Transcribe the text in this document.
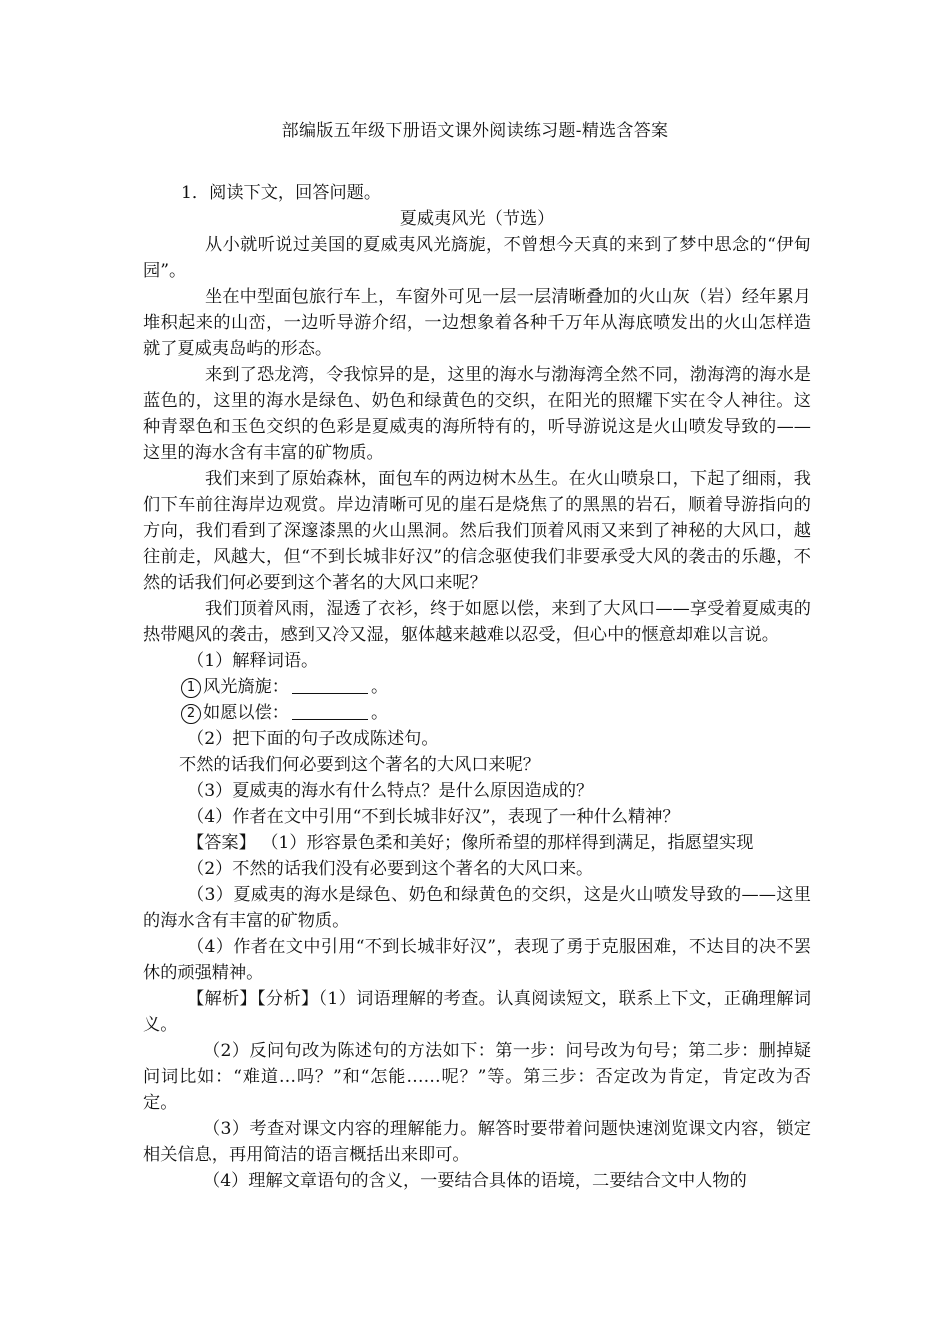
部编版五年级下册语文课外阅读练习题-精选含答案

1．阅读下文，回答问题。

夏威夷风光（节选）

从小就听说过美国的夏威夷风光旖旎，不曾想今天真的来到了梦中思念的“伊甸园”。

坐在中型面包旅行车上，车窗外可见一层一层清晰叠加的火山灰（岩）经年累月堆积起来的山峦，一边听导游介绍，一边想象着各种千万年从海底喷发出的火山怎样造就了夏威夷岛屿的形态。

来到了恐龙湾，令我惊异的是，这里的海水与渤海湾全然不同，渤海湾的海水是蓝色的，这里的海水是绿色、奶色和绿黄色的交织，在阳光的照耀下实在令人神往。这种青翠色和玉色交织的色彩是夏威夷的海所特有的，听导游说这是火山喷发导致的——这里的海水含有丰富的矿物质。

我们来到了原始森林，面包车的两边树木丛生。在火山喷泉口，下起了细雨，我们下车前往海岸边观赏。岸边清晰可见的崖石是烧焦了的黑黑的岩石，顺着导游指向的方向，我们看到了深邃漆黑的火山黑洞。然后我们顶着风雨又来到了神秘的大风口，越往前走，风越大，但“不到长城非好汉”的信念驱使我们非要承受大风的袭击的乐趣，不然的话我们何必要到这个著名的大风口来呢？

我们顶着风雨，湿透了衣衫，终于如愿以偿，来到了大风口——享受着夏威夷的热带飓风的袭击，感到又冷又湿，躯体越来越难以忍受，但心中的惬意却难以言说。

（1）解释词语。

1 风光旖旎：	。

2 如愿以偿：	。

（2）把下面的句子改成陈述句。

不然的话我们何必要到这个著名的大风口来呢？

（3）夏威夷的海水有什么特点？是什么原因造成的？

（4）作者在文中引用“不到长城非好汉”，表现了一种什么精神？

【答案】 （1）形容景色柔和美好；像所希望的那样得到满足，指愿望实现

（2）不然的话我们没有必要到这个著名的大风口来。

（3）夏威夷的海水是绿色、奶色和绿黄色的交织，这是火山喷发导致的——这里的海水含有丰富的矿物质。

（4）作者在文中引用“不到长城非好汉”，表现了勇于克服困难，不达目的决不罢休的顽强精神。

【解析】【分析】（1）词语理解的考查。认真阅读短文，联系上下文，正确理解词义。

（2）反问句改为陈述句的方法如下：第一步：问号改为句号；第二步：删掉疑问词比如：“难道…吗？”和“怎能……呢？”等。第三步：否定改为肯定，肯定改为否定。

（3）考查对课文内容的理解能力。解答时要带着问题快速浏览课文内容，锁定相关信息，再用简洁的语言概括出来即可。

（4）理解文章语句的含义，一要结合具体的语境，二要结合文中人物的
